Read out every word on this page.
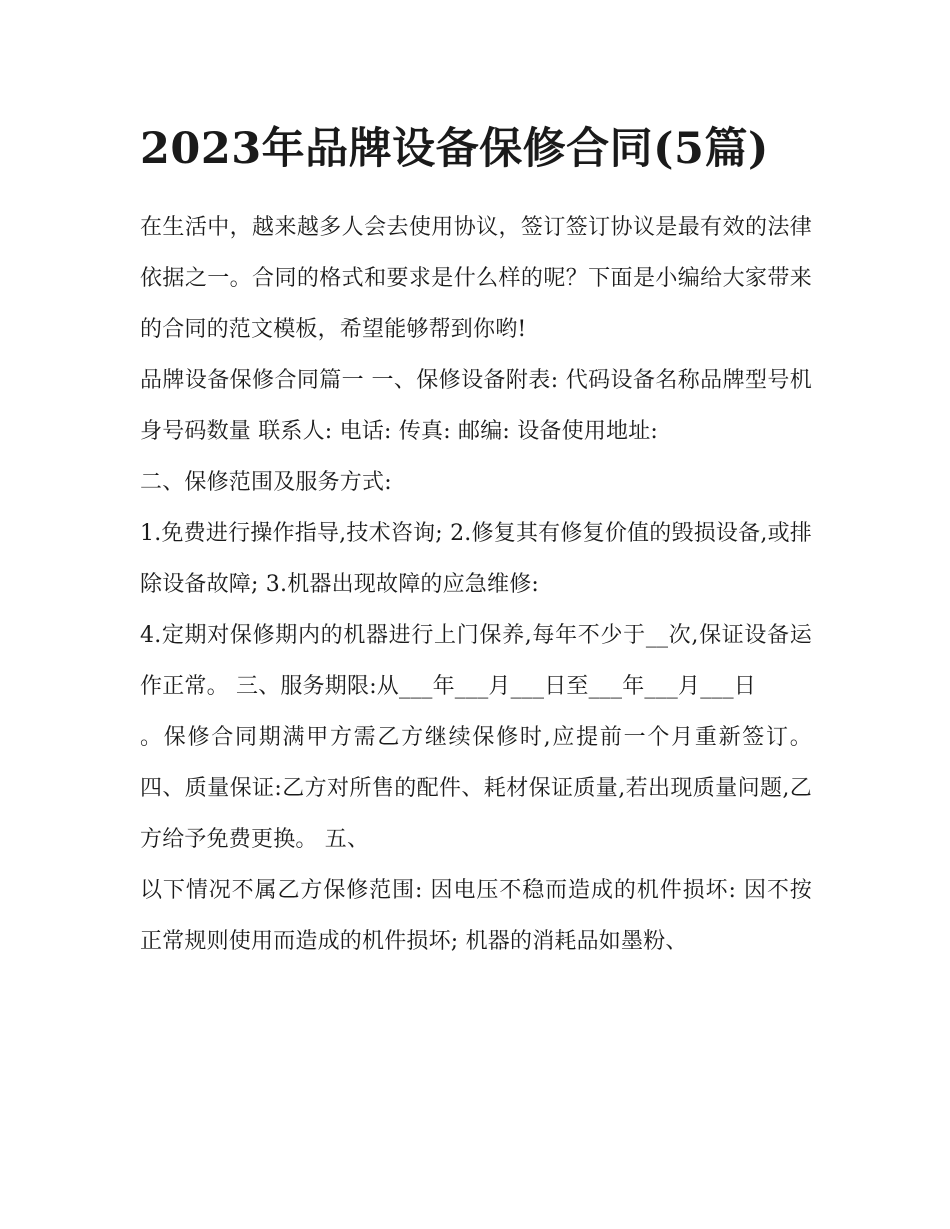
2023年品牌设备保修合同(5篇)

在生活中，越来越多人会去使用协议，签订签订协议是最有效的法律依据之一。合同的格式和要求是什么样的呢？下面是小编给大家带来的合同的范文模板，希望能够帮到你哟!

品牌设备保修合同篇一 一、保修设备附表: 代码设备名称品牌型号机身号码数量 联系人: 电话: 传真: 邮编: 设备使用地址:

二、保修范围及服务方式:

1.免费进行操作指导,技术咨询; 2.修复其有修复价值的毁损设备,或排除设备故障; 3.机器出现故障的应急维修:

4.定期对保修期内的机器进行上门保养,每年不少于__次,保证设备运作正常。 三、服务期限:从___年___月___日至___年___月___日

。保修合同期满甲方需乙方继续保修时,应提前一个月重新签订。 四、质量保证:乙方对所售的配件、耗材保证质量,若出现质量问题,乙方给予免费更换。 五、

以下情况不属乙方保修范围: 因电压不稳而造成的机件损坏: 因不按正常规则使用而造成的机件损坏; 机器的消耗品如墨粉、
